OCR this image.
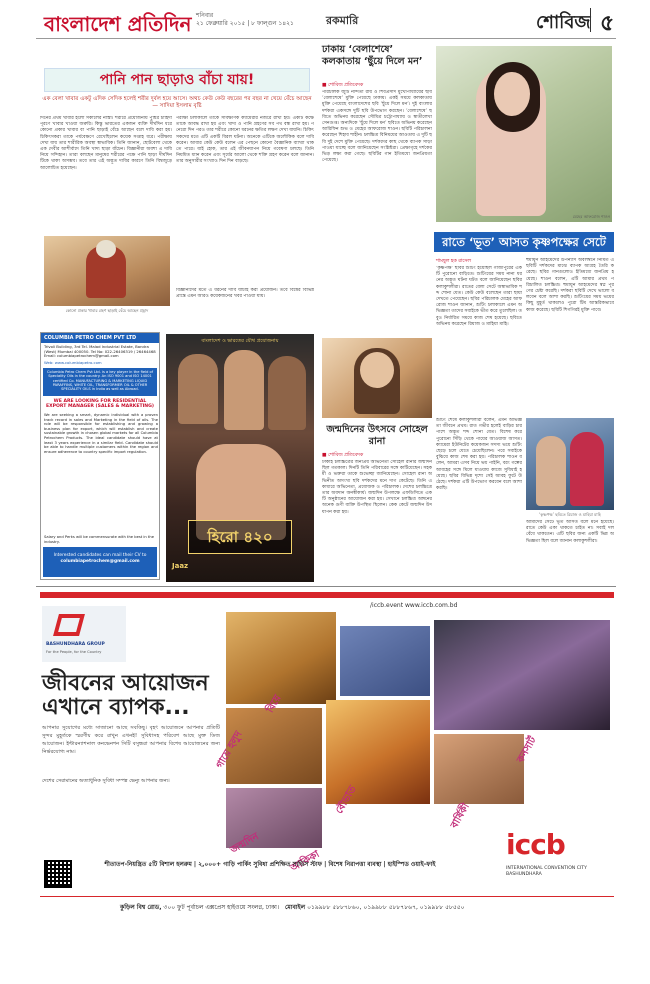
বাংলাদেশ প্রতিদিন শনিবার
২১ ফেব্রুয়ারি ২০১৫ | ৮ ফাল্গুন ১৪২১	রকমারি	শোবিজ ৫
পানি পান ছাড়াও বাঁচা যায়!
এক বেলা খাবার একটু এদিক সেদিক হলেই শরীর দুর্বল হয়ে আসে। অথচ কেউ কেউ বছরের পর বছর না খেয়ে বেঁচে আছেন — সাদিয়া ইসলাম বৃষ্টি
দিনের প্রথম খাবার হলো সকালের নাস্তা। শরীরে প্রয়োজনীয় পুষ্টির চাহিদা পূরণে খাবার খাওয়া জরুরি। কিন্তু ভারতের একজন ব্যক্তি দীর্ঘদিন ধরে কোনো প্রকার খাবার বা পানি ছাড়াই বেঁচে আছেন বলে দাবি করা হয়। চিকিৎসকরা তাকে পর্যবেক্ষণে রেখেছিলেন কয়েক সপ্তাহ ধরে। পরীক্ষায় দেখা যায় তার শারীরিক অবস্থা স্বাভাবিক। তিনি জানান, ছোটবেলা থেকে এক দেবীর আশীর্বাদে তিনি খাদ্য ছাড়া বাঁচেন। বিজ্ঞানীরা অবশ্য এ দাবি নিয়ে সন্দিহান। তারা বলছেন মানুষের শরীরের পক্ষে পানি ছাড়া দীর্ঘদিন টিকে থাকা অসম্ভব। তবে তার এই অদ্ভুত দাবির কারণে তিনি বিশ্বজুড়ে আলোচিত হয়েছেন।
পরীক্ষা চলাকালে তাকে সার্বক্ষণিক ক্যামেরার নজরে রাখা হয়। একটি কক্ষে তাকে আবদ্ধ রাখা হয় এবং খাদ্য ও পানি গ্রহণের সব পথ বন্ধ রাখা হয়। পনেরো দিন পরও তার শরীরে কোনো ধরনের ক্ষতির লক্ষণ দেখা যায়নি। চিকিৎসকদের মতে এটি একটি বিরল ঘটনা। অনেকে এটিকে অলৌকিক বলে দাবি করেন। আবার কেউ কেউ বলেন এর পেছনে কোনো বৈজ্ঞানিক ব্যাখ্যা থাকতে পারে। যাই হোক, তার এই জীবনযাপন নিয়ে গবেষণা চলছে। তিনি নিয়মিত ধ্যান করেন এবং সূর্যের আলো থেকে শক্তি গ্রহণ করেন বলে জানান। তার অনুসারীর সংখ্যাও দিন দিন বাড়ছে।
কোনো প্রকার খাবার গ্রহণ ছাড়াই বেঁচে আছেন প্রহ্লাদ
বিজ্ঞানীদের মতে এ ধরনের দাবি যাচাই করা প্রয়োজন। তবে বিশ্বের বিভিন্ন প্রান্তে এমন আরও কয়েকজনের খবর পাওয়া যায়।
COLUMBIA PETRO CHEM PVT LTD
Trivoli Building, 3rd Tel. Malad Industrial Estate, Bandra (West) Mumbai 400050. Tel No: 022-26406319 / 26464468 Email: columbiapetrochem@gmail.com
Web: www.columbiapetro.com
Columbia Petro Chem Pvt Ltd. is a key player in the field of Speciality Oils in the country. An ISO 9001 and ISO 14001 certified Co. MANUFACTURING & MARKETING LIQUID PARAFFINS, WHITE OIL, TRANSFORMER OIL & OTHER SPECIALITY OILS in India as well as Abroad.
WE ARE LOOKING FOR RESIDENTIAL EXPORT MANAGER (SALES & MARKETING)
We are seeking a smart, dynamic individual with a proven track record in sales and Marketing in the field of oils. The role will be responsible for establishing and growing a business plan for export, which will establish and create sustainable growth in chosen global markets for all Columbia Petrochem Products. The ideal candidate should have at least 3 years experience in a similar field. Candidate should be able to handle multiple customers within the region and ensure adherence to country specific import regulation.
Salary and Perks will be commensurate with the best in the industry.
Interested candidates can mail their CV to
columbiapetrochem@gmail.com
বাংলাদেশ ও ভারতের যৌথ প্রযোজনায়
হিরো ৪২০
Jaaz
ঢাকায় ‘বেলাশেষে’ কলকাতায় ‘ছুঁয়ে দিলে মন’
■ শোবিজ প্রতিবেদক
পরিচালক জুটি নন্দিতা রায় ও শিবপ্রসাদ মুখোপাধ্যায়ের ছবি ‘বেলাশেষে’ মুক্তি পেয়েছে ঢাকায়। একই সময়ে কলকাতায় মুক্তি পেয়েছে বাংলাদেশের ছবি ‘ছুঁয়ে দিলে মন’। দুই বাংলার দর্শকরা একসঙ্গে দুটি ছবি উপভোগ করছেন। ‘বেলাশেষে’ ছবিতে অভিনয় করেছেন সৌমিত্র চট্টোপাধ্যায় ও স্বাতীলেখা সেনগুপ্ত। অন্যদিকে ‘ছুঁয়ে দিলে মন’ ছবিতে অভিনয় করেছেন আরিফিন শুভ ও মেহের আফরোজ শাওন। ছবিটি পরিচালনা করেছেন শিহাব শাহীন। চলচ্চিত্র বিনিময়ের আওতায় এ দুটি ছবি দুই দেশে মুক্তি পেয়েছে। দর্শকদের কাছ থেকে ব্যাপক সাড়া পাওয়া যাচ্ছে বলে জানিয়েছেন সংশ্লিষ্টরা। প্রেক্ষাগৃহে দর্শকের ভিড় লক্ষ্য করা গেছে। ছবিটির গান ইতিমধ্যে জনপ্রিয়তা পেয়েছে।
মেহের আফরোজ শাওন
রাতে ‘ভূত’ আসত কৃষ্ণপক্ষের সেটে
শামছুল হক রাসেল
‘কৃষ্ণপক্ষ’ ছবির শুটিং হয়েছিল গাজীপুরের একটি পুরোনো বাড়িতে। শুটিংয়ের সময় নানা ধরনের অদ্ভুত ঘটনা ঘটত বলে জানিয়েছেন ছবির কলাকুশলীরা। রাতের বেলা সেটে অস্বাভাবিক শব্দ শোনা যেত। কেউ কেউ বলেছেন তারা ছায়া দেখতে পেয়েছেন। ছবির পরিচালক মেহের আফরোজ শাওন জানান, শুটিং চলাকালে এমন অভিজ্ঞতা তাদের সবাইকে ভীত করে তুলেছিল। তবুও নির্ধারিত সময়ে কাজ শেষ হয়েছে। ছবিতে অভিনয় করেছেন রিয়াজ ও মাহিয়া মাহি।
হুমায়ূন আহমেদের উপন্যাস অবলম্বনে নির্মিত এ ছবিটি দর্শকদের মাঝে ব্যাপক আগ্রহ তৈরি করেছে। ছবির গানগুলোও ইতিমধ্যে জনপ্রিয় হয়েছে। শাওন বলেন, এটি আমার প্রথম পরিচালিত চলচ্চিত্র। হুমায়ূন আহমেদের স্বপ্ন পূরণের চেষ্টা করেছি। দর্শকরা ছবিটি দেখে ভালো বলবেন বলে আশা করছি। শুটিংয়ের সময় ভয়ের কিছু মুহূর্ত থাকলেও পুরো টিম আন্তরিকভাবে কাজ করেছে। ছবিটি শিগগিরই মুক্তি পাবে।
‘কৃষ্ণপক্ষ’ ছবিতে রিয়াজ ও মাহিয়া মাহি
আমাদের সেটে ভূত আসত বলে মনে হয়েছে। রাতে কেউ একা থাকতে চাইত না। সবাই দল বেঁধে থাকতেন। এটি ছবির জন্য একটি ভিন্ন অভিজ্ঞতা ছিল বলে জানান কলাকুশলীরা।
জন্মদিনের উৎসবে সোহেল রানা
■ শোবিজ প্রতিবেদক
ঢাকাই চলচ্চিত্রের জনপ্রিয় অভিনেতা সোহেল রানার জন্মদিন ছিল গতকাল। দিনটি তিনি পরিবারের সঙ্গে কাটিয়েছেন। সহকর্মী ও ভক্তরা তাকে শুভেচ্ছা জানিয়েছেন। সোহেল রানা অভিনীত অসংখ্য ছবি দর্শকদের মনে দাগ কেটেছে। তিনি একাধারে অভিনেতা, প্রযোজক ও পরিচালক। দেশের চলচ্চিত্রে তার অবদান অনস্বীকার্য। জন্মদিন উপলক্ষে এফডিসিতে একটি অনুষ্ঠানের আয়োজন করা হয়। সেখানে চলচ্চিত্র অঙ্গনের অনেক গুণী ব্যক্তি উপস্থিত ছিলেন। কেক কেটে জন্মদিন উদযাপন করা হয়।
শুটিং শেষে কলাকুশলীরা বলেন, এমন অভিজ্ঞতা জীবনে প্রথম। রাত গভীর হলেই বাড়ির চারপাশে অদ্ভুত শব্দ শোনা যেত। বিশেষ করে পুরোনো সিঁড়ি থেকে পায়ের আওয়াজ আসত। ক্যামেরা ইউনিটের কয়েকজন সদস্য ভয়ে শুটিং ছেড়ে চলে যেতে চেয়েছিলেন। পরে সবাইকে বুঝিয়ে কাজ শেষ করা হয়। পরিচালক শাওন বলেন, আমরা এসব নিয়ে ভয় পাইনি, বরং গল্পের আবহের সঙ্গে মিলে যাওয়ায় কাজে সুবিধাই হয়েছে। ছবির বিভিন্ন দৃশ্যে সেই আবহ ফুটে উঠেছে। দর্শকরা এটি উপভোগ করবেন বলে আশা করছি।
/iccb.event www.iccb.com.bd
BASHUNDHARA GROUP
For the People, for the Country
জীবনের আয়োজন
এখানে ব্যাপক...
আপনার সুযোগের মধ্যে সাজানো আছে সবকিছু। বৃহৎ আয়োজনে আপনার প্রতিটি সুন্দর মুহূর্তকে স্মরণীয় করে রাখুন এখনই! সুবিধাসহ পরিবেশ আছে মুক্ত ডিজ আয়োজন। ইন্টারন্যাশনাল কনভেনশন সিটি বসুন্ধরা আপনার বিশেষ আয়োজনের জন্য নির্ভরযোগ্য নাম।
দেশের সেরামানের অত্যাধুনিক সুবিধা সম্পন্ন ভেন্যু আপনার জন্য।
বিয়ে
গায়ে হলুদ
বৌভাত
জন্মদিন
আকিকা
বার্ষিকী
কনসার্ট
শীতাতপ-নিয়ন্ত্রিত ৫টি বিশাল হলরুম | ২,০০০+ গাড়ি পার্কিং সুবিধা প্রশিক্ষিত সার্ভিস স্টাফ | বিশেষ নিরাপত্তা ব্যবস্থা | হাইস্পিড ওয়াই-ফাই
iccb
INTERNATIONAL CONVENTION CITY BASHUNDHARA
কুড়িল বিশ্ব রোড, ৩০০ ফুট পূর্বাচল এক্সপ্রেস হাইওয়ে সংলগ্ন, ঢাকা। মোবাইল ০১৯৯৮৮ ৫৮৮৭৮৬০, ০১৯৯৮৮ ৫৮৮৭৮৬৭, ০১৯৯৮৮ ৫৮৫৫০
